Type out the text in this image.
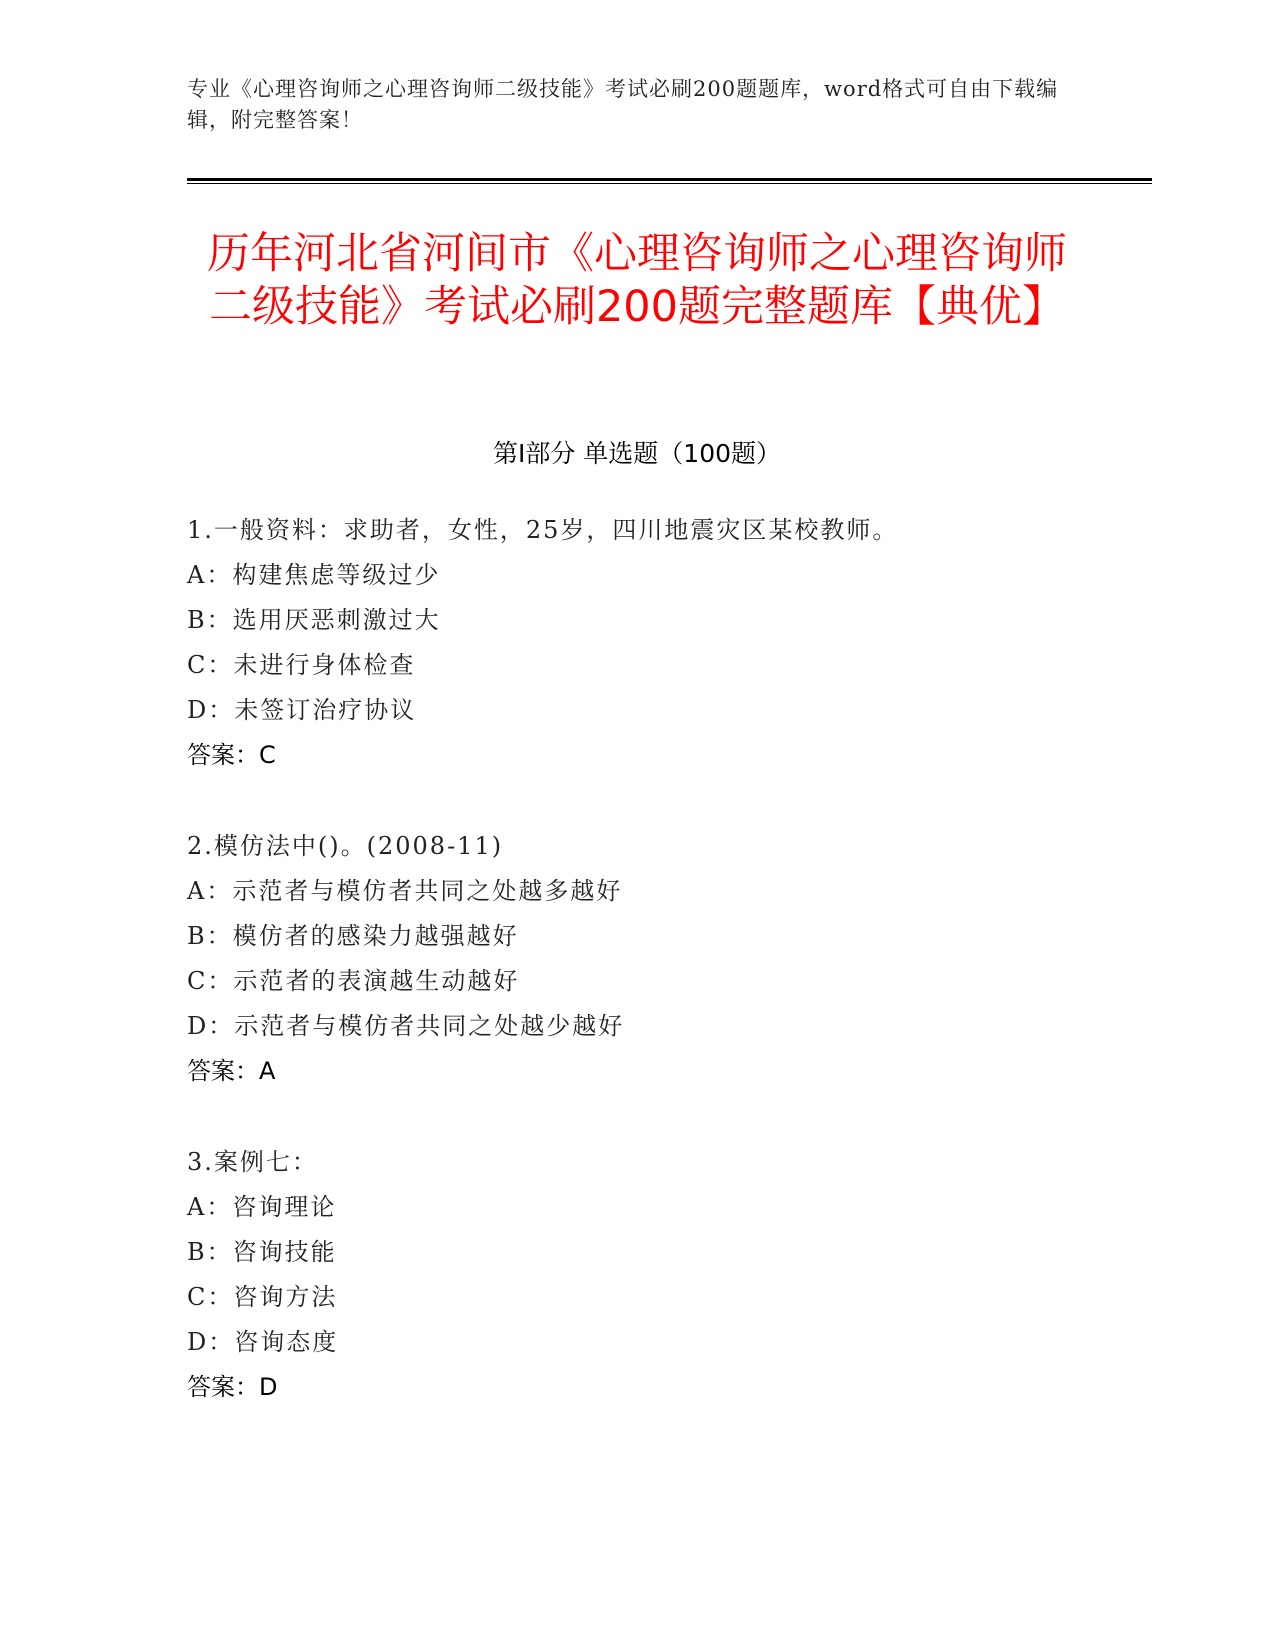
专业《心理咨询师之心理咨询师二级技能》考试必刷200题题库，word格式可自由下载编辑，附完整答案！
历年河北省河间市《心理咨询师之心理咨询师二级技能》考试必刷200题完整题库【典优】
第I部分 单选题（100题）
1.一般资料：求助者，女性，25岁，四川地震灾区某校教师。
A：构建焦虑等级过少
B：选用厌恶刺激过大
C：未进行身体检查
D：未签订治疗协议
答案：C
2.模仿法中()。(2008-11)
A：示范者与模仿者共同之处越多越好
B：模仿者的感染力越强越好
C：示范者的表演越生动越好
D：示范者与模仿者共同之处越少越好
答案：A
3.案例七：
A：咨询理论
B：咨询技能
C：咨询方法
D：咨询态度
答案：D
